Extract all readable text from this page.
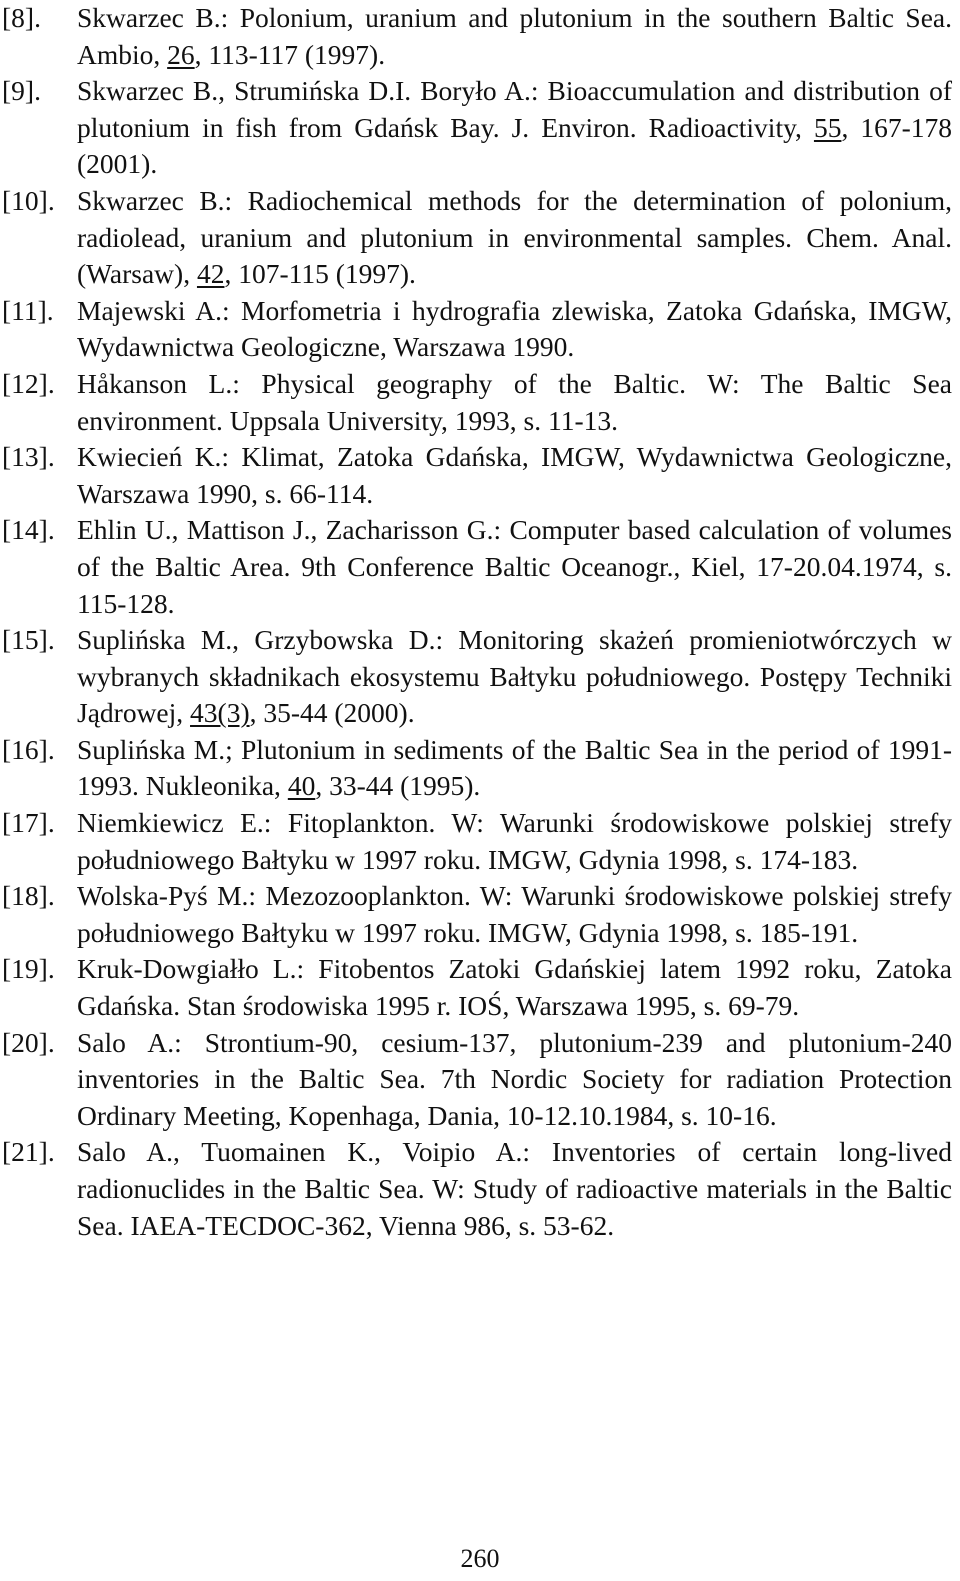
[8]. Skwarzec B.: Polonium, uranium and plutonium in the southern Baltic Sea. Ambio, 26, 113-117 (1997).
[9]. Skwarzec B., Strumińska D.I. Boryło A.: Bioaccumulation and distribution of plutonium in fish from Gdańsk Bay. J. Environ. Radioactivity, 55, 167-178 (2001).
[10]. Skwarzec B.: Radiochemical methods for the determination of polonium, radiolead, uranium and plutonium in environmental samples. Chem. Anal. (Warsaw), 42, 107-115 (1997).
[11]. Majewski A.: Morfometria i hydrografia zlewiska, Zatoka Gdańska, IMGW, Wydawnictwa Geologiczne, Warszawa 1990.
[12]. Håkanson L.: Physical geography of the Baltic. W: The Baltic Sea environment. Uppsala University, 1993, s. 11-13.
[13]. Kwiecień K.: Klimat, Zatoka Gdańska, IMGW, Wydawnictwa Geologiczne, Warszawa 1990, s. 66-114.
[14]. Ehlin U., Mattison J., Zacharisson G.: Computer based calculation of volumes of the Baltic Area. 9th Conference Baltic Oceanogr., Kiel, 17-20.04.1974, s. 115-128.
[15]. Suplińska M., Grzybowska D.: Monitoring skażeń promieniotwórczych w wybranych składnikach ekosystemu Bałtyku południowego. Postępy Techniki Jądrowej, 43(3), 35-44 (2000).
[16]. Suplińska M.; Plutonium in sediments of the Baltic Sea in the period of 1991-1993. Nukleonika, 40, 33-44 (1995).
[17]. Niemkiewicz E.: Fitoplankton. W: Warunki środowiskowe polskiej strefy południowego Bałtyku w 1997 roku. IMGW, Gdynia 1998, s. 174-183.
[18]. Wolska-Pyś M.: Mezozooplankton. W: Warunki środowiskowe polskiej strefy południowego Bałtyku w 1997 roku. IMGW, Gdynia 1998, s. 185-191.
[19]. Kruk-Dowgiałło L.: Fitobentos Zatoki Gdańskiej latem 1992 roku, Zatoka Gdańska. Stan środowiska 1995 r. IOŚ, Warszawa 1995, s. 69-79.
[20]. Salo A.: Strontium-90, cesium-137, plutonium-239 and plutonium-240 inventories in the Baltic Sea. 7th Nordic Society for radiation Protection Ordinary Meeting, Kopenhaga, Dania, 10-12.10.1984, s. 10-16.
[21]. Salo A., Tuomainen K., Voipio A.: Inventories of certain long-lived radionuclides in the Baltic Sea. W: Study of radioactive materials in the Baltic Sea. IAEA-TECDOC-362, Vienna 986, s. 53-62.
260
